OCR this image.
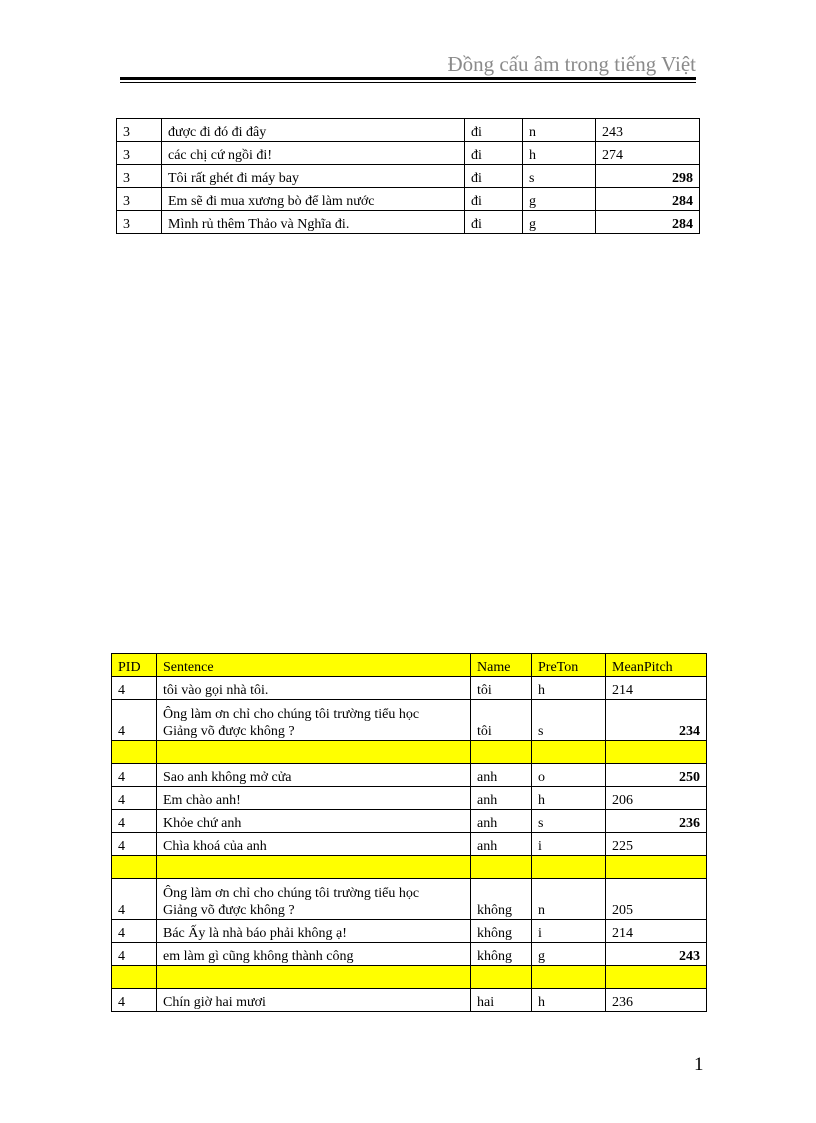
Đồng cấu âm trong tiếng Việt
3	được đi đó đi đây	đi	n	243
3	các chị cứ ngồi đi!	đi	h	274
3	Tôi rất ghét đi máy bay	đi	s	298
3	Em sẽ đi mua xương bò để làm nước	đi	g	284
3	Mình rủ thêm Thảo và Nghĩa đi.	đi	g	284
PID	Sentence	Name	PreTon	MeanPitch
4	tôi vào gọi nhà tôi.	tôi	h	214
4	Ông làm ơn chỉ cho chúng tôi trường tiểu học
Giảng võ được không ?	tôi	s	234

4	Sao anh không mở cửa	anh	o	250
4	Em chào anh!	anh	h	206
4	Khỏe chứ anh	anh	s	236
4	Chìa khoá của anh	anh	i	225

4	Ông làm ơn chỉ cho chúng tôi trường tiểu học
Giảng võ được không ?	không	n	205
4	Bác Ấy là nhà báo phải không ạ!	không	i	214
4	em làm gì cũng không thành công	không	g	243

4	Chín giờ hai mươi	hai	h	236
1
